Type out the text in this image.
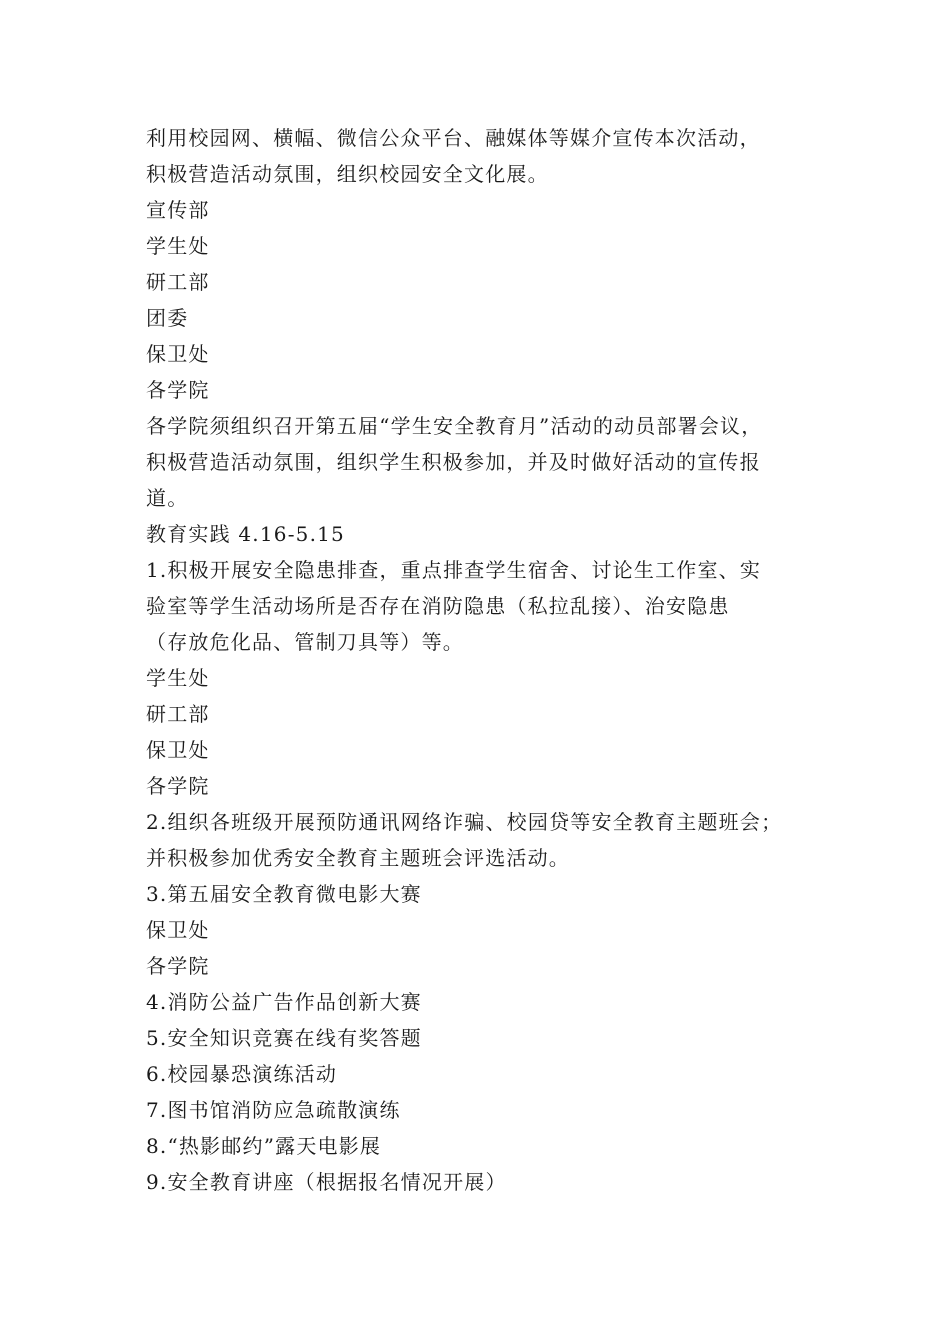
利用校园网、横幅、微信公众平台、融媒体等媒介宣传本次活动，
积极营造活动氛围，组织校园安全文化展。
宣传部
学生处
研工部
团委
保卫处
各学院
各学院须组织召开第五届“学生安全教育月”活动的动员部署会议，
积极营造活动氛围，组织学生积极参加，并及时做好活动的宣传报
道。
教育实践 4.16-5.15
1.积极开展安全隐患排查，重点排查学生宿舍、讨论生工作室、实
验室等学生活动场所是否存在消防隐患（私拉乱接）、治安隐患
（存放危化品、管制刀具等）等。
学生处
研工部
保卫处
各学院
2.组织各班级开展预防通讯网络诈骗、校园贷等安全教育主题班会；
并积极参加优秀安全教育主题班会评选活动。
3.第五届安全教育微电影大赛
保卫处
各学院
4.消防公益广告作品创新大赛
5.安全知识竞赛在线有奖答题
6.校园暴恐演练活动
7.图书馆消防应急疏散演练
8.“热影邮约”露天电影展
9.安全教育讲座（根据报名情况开展）
